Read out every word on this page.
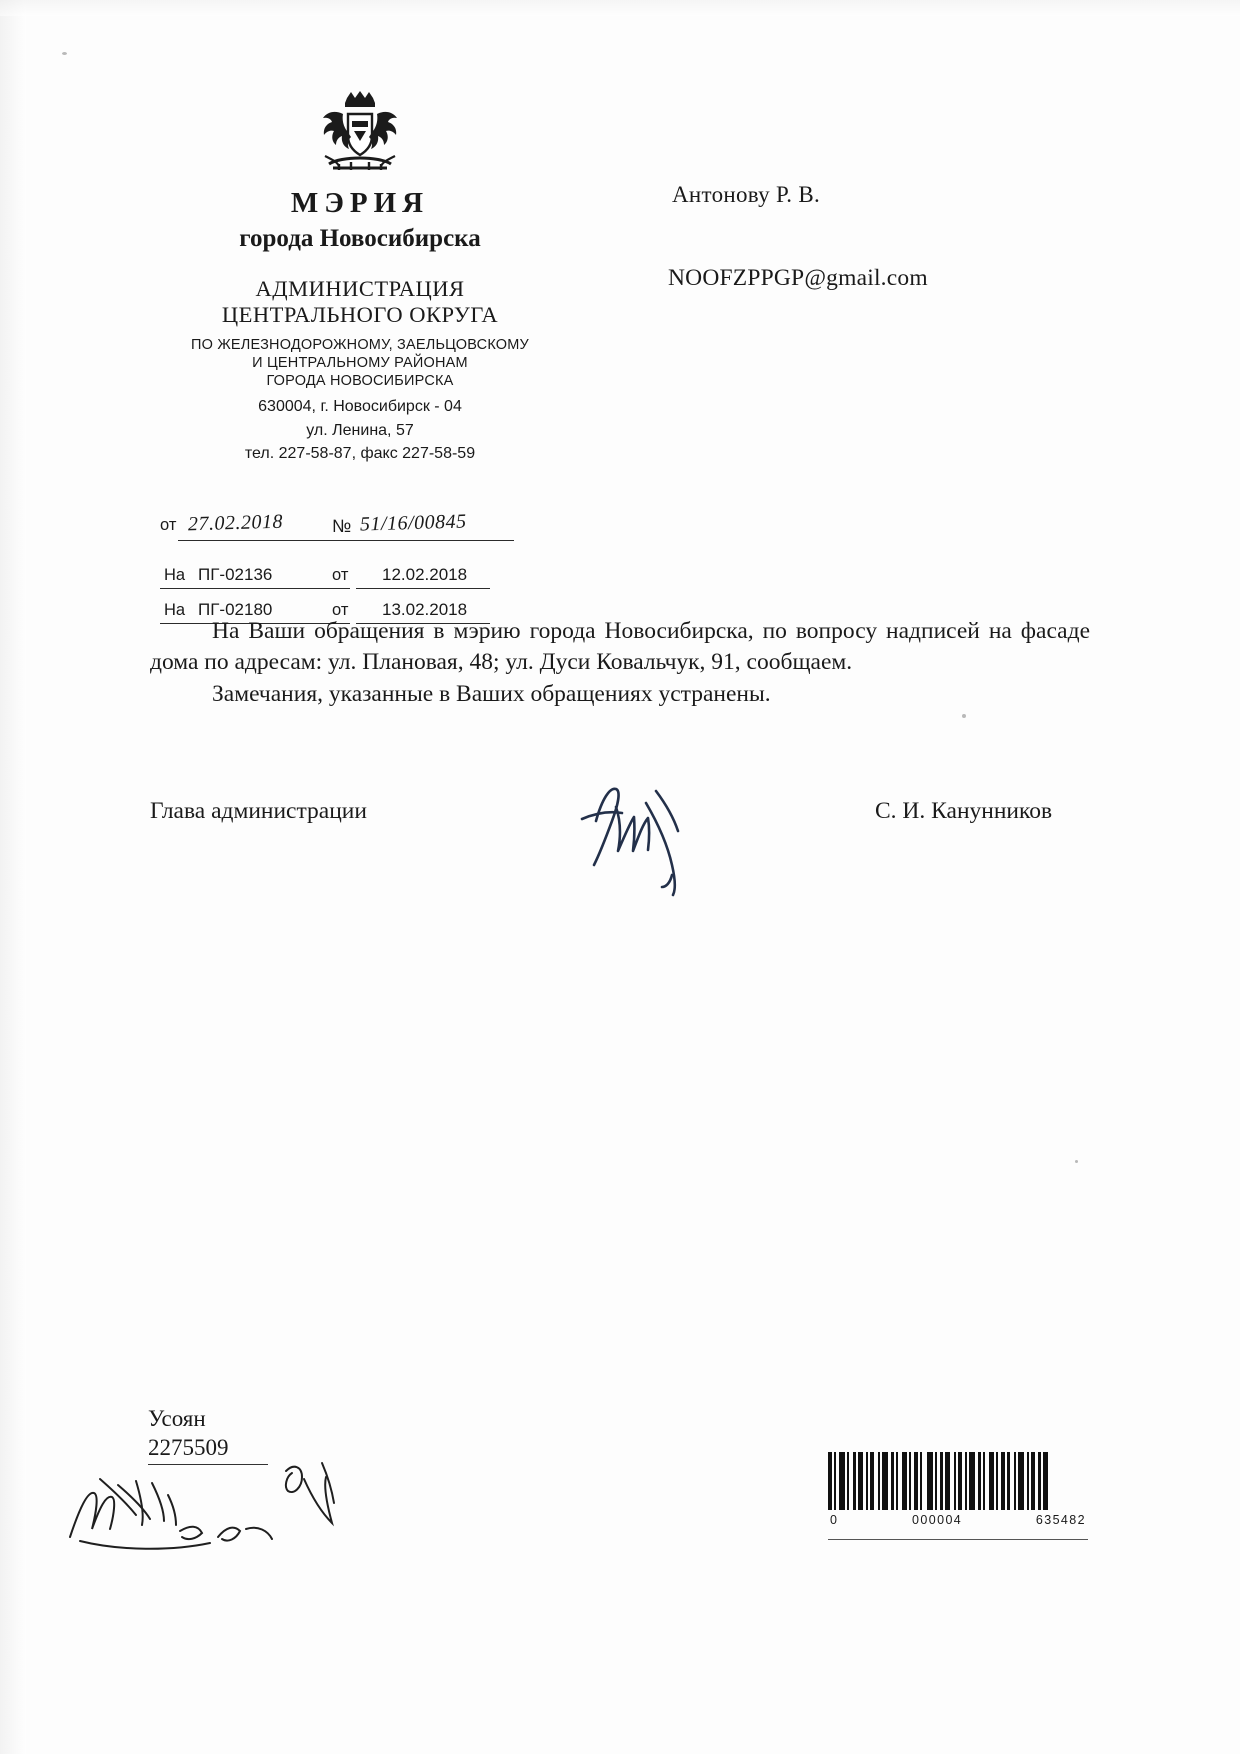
МЭРИЯ
города Новосибирска
АДМИНИСТРАЦИЯ
ЦЕНТРАЛЬНОГО ОКРУГА
ПО ЖЕЛЕЗНОДОРОЖНОМУ, ЗАЕЛЬЦОВСКОМУ
И ЦЕНТРАЛЬНОМУ РАЙОНАМ
ГОРОДА НОВОСИБИРСКА
630004, г. Новосибирск - 04
ул. Ленина, 57
тел. 227-58-87, факс 227-58-59
от 27.02.2018	№ 51/16/00845
На ПГ-02136	от 12.02.2018
На ПГ-02180	от 13.02.2018
Антонову Р. В.
NOOFZPPGP@gmail.com

На Ваши обращения в мэрию города Новосибирска, по вопросу надписей на фасаде дома по адресам: ул. Плановая, 48; ул. Дуси Ковальчук, 91, сообщаем.

Замечания, указанные в Ваших обращениях устранены.

Глава администрации	С. И. Канунников
Усоян
2275509
0	000004	635482
